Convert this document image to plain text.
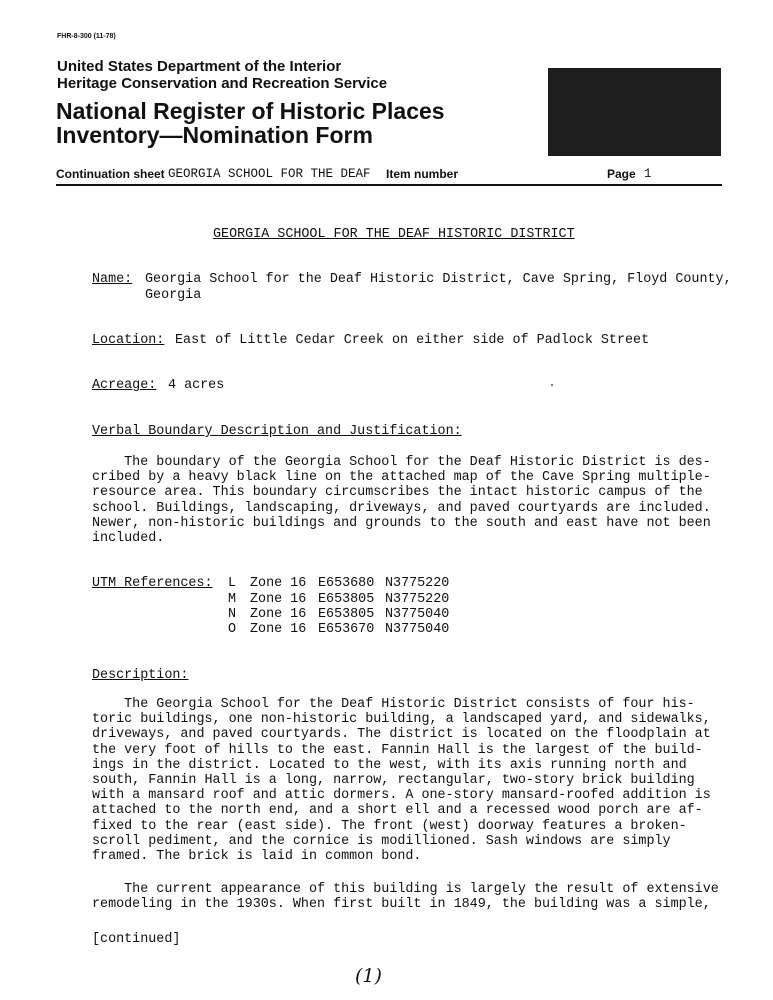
FHR-8-300 (11-78)
United States Department of the Interior
Heritage Conservation and Recreation Service
National Register of Historic Places
Inventory—Nomination Form
Continuation sheet GEORGIA SCHOOL FOR THE DEAF Item number	Page 1
GEORGIA SCHOOL FOR THE DEAF HISTORIC DISTRICT
Name: Georgia School for the Deaf Historic District, Cave Spring, Floyd County,
Georgia
Location: East of Little Cedar Creek on either side of Padlock Street
Acreage: 4 acres
Verbal Boundary Description and Justification:
The boundary of the Georgia School for the Deaf Historic District is des-
cribed by a heavy black line on the attached map of the Cave Spring multiple-
resource area. This boundary circumscribes the intact historic campus of the
school. Buildings, landscaping, driveways, and paved courtyards are included.
Newer, non-historic buildings and grounds to the south and east have not been
included.
UTM References: L Zone 16 E653680 N3775220
M Zone 16 E653805 N3775220
N Zone 16 E653805 N3775040
O Zone 16 E653670 N3775040
Description:
The Georgia School for the Deaf Historic District consists of four his-
toric buildings, one non-historic building, a landscaped yard, and sidewalks,
driveways, and paved courtyards. The district is located on the floodplain at
the very foot of hills to the east. Fannin Hall is the largest of the build-
ings in the district. Located to the west, with its axis running north and
south, Fannin Hall is a long, narrow, rectangular, two-story brick building
with a mansard roof and attic dormers. A one-story mansard-roofed addition is
attached to the north end, and a short ell and a recessed wood porch are af-
fixed to the rear (east side). The front (west) doorway features a broken-
scroll pediment, and the cornice is modillioned. Sash windows are simply
framed. The brick is laid in common bond.
The current appearance of this building is largely the result of extensive
remodeling in the 1930s. When first built in 1849, the building was a simple,
[continued]
(1)
